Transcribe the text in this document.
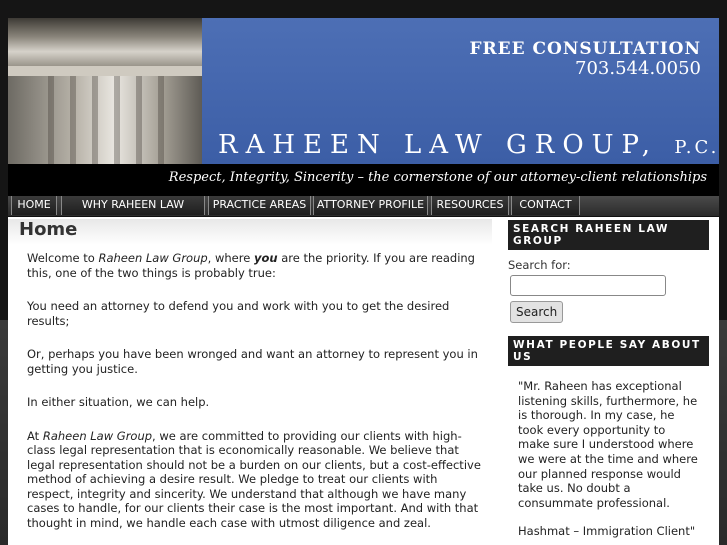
FREE CONSULTATION
703.544.0050
RAHEEN LAW GROUP, P.C.
Respect, Integrity, Sincerity – the cornerstone of our attorney-client relationships
HOME	WHY RAHEEN LAW	PRACTICE AREAS ATTORNEY PROFILE	RESOURCES	CONTACT
Home

Welcome to Raheen Law Group, where you are the priority. If you are reading this, one of the two things is probably true:

You need an attorney to defend you and work with you to get the desired results;

Or, perhaps you have been wronged and want an attorney to represent you in getting you justice.

In either situation, we can help.

At Raheen Law Group, we are committed to providing our clients with high-class legal representation that is economically reasonable. We believe that legal representation should not be a burden on our clients, but a cost-effective method of achieving a desire result. We pledge to treat our clients with respect, integrity and sincerity. We understand that although we have many cases to handle, for our clients their case is the most important. And with that thought in mind, we handle each case with utmost diligence and zeal.

SEARCH RAHEEN LAW GROUP
Search for:
Search
WHAT PEOPLE SAY ABOUT US
"Mr. Raheen has exceptional listening skills, furthermore, he is thorough. In my case, he took every opportunity to make sure I understood where we were at the time and where our planned response would take us. No doubt a consummate professional.
Hashmat – Immigration Client"
